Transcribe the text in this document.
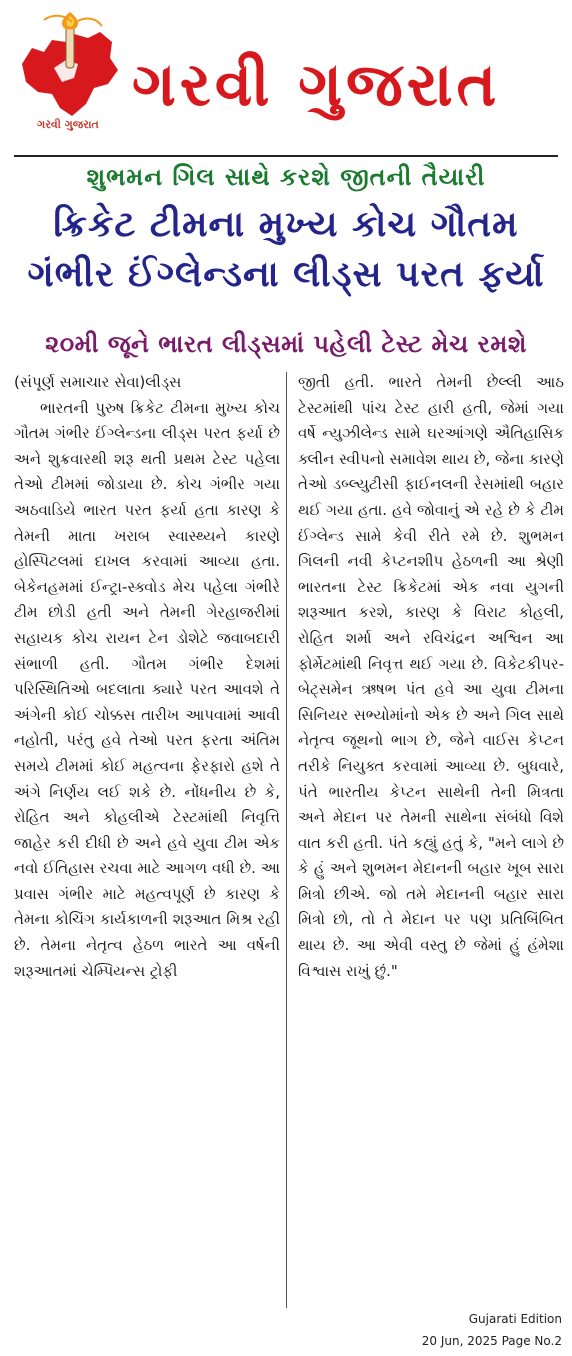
ગરવી ગુજરાત
ગરવી ગુજરાત
શુભમન ગિલ સાથે કરશે જીતની તૈયારી
ક્રિકેટ ટીમના મુખ્ય કોચ ગૌતમ ગંભીર ઈંગ્લેન્ડના લીડ્સ પરત ફર્યા
૨૦મી જૂને ભારત લીડ્સમાં પહેલી ટેસ્ટ મેચ રમશે

(સંપૂર્ણ સમાચાર સેવા)લીડ્સ

ભારતની પુરુષ ક્રિકેટ ટીમના મુખ્ય કોચ ગૌતમ ગંભીર ઈંગ્લેન્ડના લીડ્સ પરત ફર્યા છે અને શુક્રવારથી શરૂ થતી પ્રથમ ટેસ્ટ પહેલા તેઓ ટીમમાં જોડાયા છે. કોચ ગંભીર ગયા અઠવાડિયે ભારત પરત ફર્યા હતા કારણ કે તેમની માતા ખરાબ સ્વાસ્થ્યને કારણે હોસ્પિટલમાં દાખલ કરવામાં આવ્યા હતા. બેકેનહમમાં ઈન્ટ્રા-સ્ક્વોડ મેચ પહેલા ગંભીરે ટીમ છોડી હતી અને તેમની ગેરહાજરીમાં સહાયક કોચ રાયન ટેન ડોશેટે જવાબદારી સંભાળી હતી. ગૌતમ ગંભીર દેશમાં પરિસ્થિતિઓ બદલાતા ક્યારે પરત આવશે તે અંગેની કોઈ ચોક્કસ તારીખ આપવામાં આવી નહોતી, પરંતુ હવે તેઓ પરત ફરતા અંતિમ સમયે ટીમમાં કોઈ મહત્વના ફેરફારો હશે તે અંગે નિર્ણય લઈ શકે છે. નોંધનીય છે કે, રોહિત અને કોહલીએ ટેસ્ટમાંથી નિવૃત્તિ જાહેર કરી દીધી છે અને હવે યુવા ટીમ એક નવો ઈતિહાસ રચવા માટે આગળ વધી છે. આ પ્રવાસ ગંભીર માટે મહત્વપૂર્ણ છે કારણ કે તેમના કોચિંગ કાર્યકાળની શરૂઆત મિશ્ર રહી છે. તેમના નેતૃત્વ હેઠળ ભારતે આ વર્ષની શરૂઆતમાં ચેમ્પિયન્સ ટ્રોફી

જીતી હતી. ભારતે તેમની છેલ્લી આઠ ટેસ્ટમાંથી પાંચ ટેસ્ટ હારી હતી, જેમાં ગયા વર્ષે ન્યુઝીલેન્ડ સામે ઘરઆંગણે ઐતિહાસિક ક્લીન સ્વીપનો સમાવેશ થાય છે, જેના કારણે તેઓ ડબ્લ્યુટીસી ફાઈનલની રેસમાંથી બહાર થઈ ગયા હતા. હવે જોવાનું એ રહે છે કે ટીમ ઈંગ્લેન્ડ સામે કેવી રીતે રમે છે. શુભમન ગિલની નવી કેપ્ટનશીપ હેઠળની આ શ્રેણી ભારતના ટેસ્ટ ક્રિકેટમાં એક નવા યુગની શરૂઆત કરશે, કારણ કે વિરાટ કોહલી, રોહિત શર્મા અને રવિચંદ્રન અશ્વિન આ ફોર્મેટમાંથી નિવૃત્ત થઈ ગયા છે. વિકેટકીપર-બેટ્સમેન ઋષભ પંત હવે આ યુવા ટીમના સિનિયર સભ્યોમાંનો એક છે અને ગિલ સાથે નેતૃત્વ જૂથનો ભાગ છે, જેને વાઈસ કેપ્ટન તરીકે નિયુક્ત કરવામાં આવ્યા છે. બુધવારે, પંતે ભારતીય કેપ્ટન સાથેની તેની મિત્રતા અને મેદાન પર તેમની સાથેના સંબંધો વિશે વાત કરી હતી. પંતે કહ્યું હતું કે, "મને લાગે છે કે હું અને શુભમન મેદાનની બહાર ખૂબ સારા મિત્રો છીએ. જો તમે મેદાનની બહાર સારા મિત્રો છો, તો તે મેદાન પર પણ પ્રતિબિંબિત થાય છે. આ એવી વસ્તુ છે જેમાં હું હંમેશા વિશ્વાસ રાખું છું."

Gujarati Edition
20 Jun, 2025 Page No.2
